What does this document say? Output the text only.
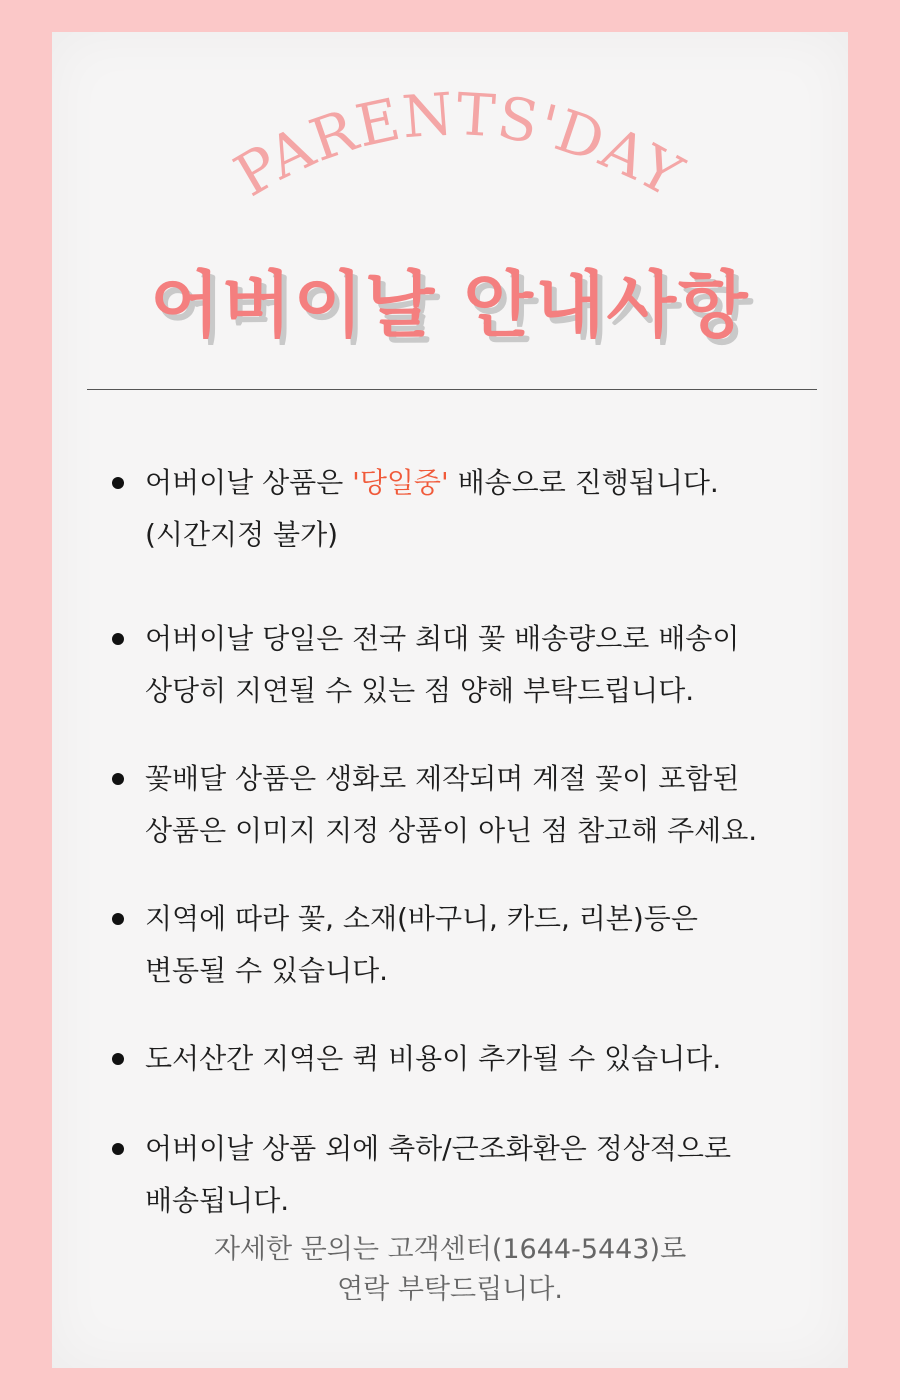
PARENTS'DAY
어버이날 안내사항
어버이날 상품은 '당일중' 배송으로 진행됩니다.
(시간지정 불가)
어버이날 당일은 전국 최대 꽃 배송량으로 배송이
상당히 지연될 수 있는 점 양해 부탁드립니다.
꽃배달 상품은 생화로 제작되며 계절 꽃이 포함된
상품은 이미지 지정 상품이 아닌 점 참고해 주세요.
지역에 따라 꽃, 소재(바구니, 카드, 리본)등은
변동될 수 있습니다.
도서산간 지역은 퀵 비용이 추가될 수 있습니다.
어버이날 상품 외에 축하/근조화환은 정상적으로
배송됩니다.
자세한 문의는 고객센터(1644-5443)로
연락 부탁드립니다.
